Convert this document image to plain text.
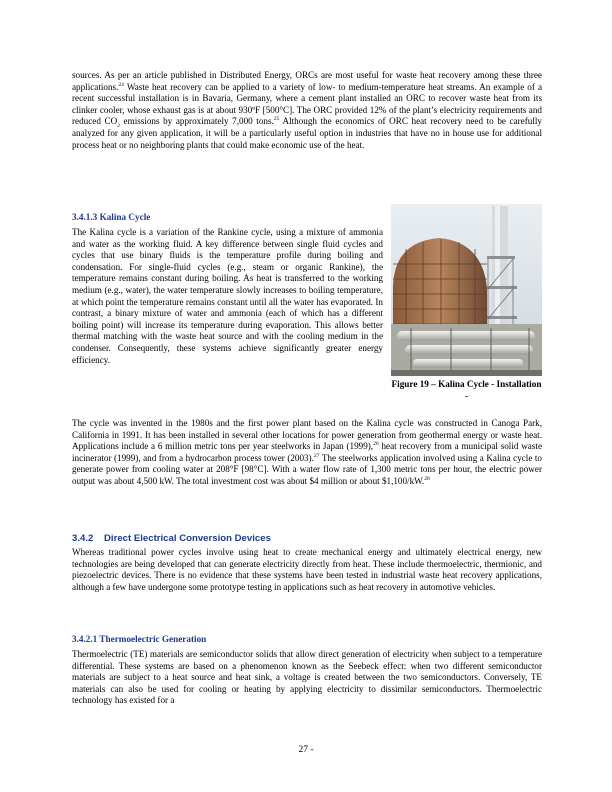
sources. As per an article published in Distributed Energy, ORCs are most useful for waste heat recovery among these three applications.$^{24}$ Waste heat recovery can be applied to a variety of low- to medium-temperature heat streams. An example of a recent successful installation is in Bavaria, Germany, where a cement plant installed an ORC to recover waste heat from its clinker cooler, whose exhaust gas is at about 930ºF [500°C]. The ORC provided 12% of the plant’s electricity requirements and reduced $CO_2$ emissions by approximately 7,000 tons.$^{25}$ Although the economics of ORC heat recovery need to be carefully analyzed for any given application, it will be a particularly useful option in industries that have no in house use for additional process heat or no neighboring plants that could make economic use of the heat.
3.4.1.3 Kalina Cycle
The Kalina cycle is a variation of the Rankine cycle, using a mixture of ammonia and water as the working fluid. A key difference between single fluid cycles and cycles that use binary fluids is the temperature profile during boiling and condensation. For single-fluid cycles (e.g., steam or organic Rankine), the temperature remains constant during boiling. As heat is transferred to the working medium (e.g., water), the water temperature slowly increases to boiling temperature, at which point the temperature remains constant until all the water has evaporated. In contrast, a binary mixture of water and ammonia (each of which has a different boiling point) will increase its temperature during evaporation. This allows better thermal matching with the waste heat source and with the cooling medium in the condenser. Consequently, these systems achieve significantly greater energy efficiency.
Figure 19 – Kalina Cycle - Installation -
The cycle was invented in the 1980s and the first power plant based on the Kalina cycle was constructed in Canoga Park, California in 1991. It has been installed in several other locations for power generation from geothermal energy or waste heat. Applications include a 6 million metric tons per year steelworks in Japan (1999),$^{26}$ heat recovery from a municipal solid waste incinerator (1999), and from a hydrocarbon process tower (2003).$^{27}$ The steelworks application involved using a Kalina cycle to generate power from cooling water at 208°F [98°C]. With a water flow rate of 1,300 metric tons per hour, the electric power output was about 4,500 kW. The total investment cost was about $4 million or about $1,100/kW.$^{28}$
3.4.2    Direct Electrical Conversion Devices
Whereas traditional power cycles involve using heat to create mechanical energy and ultimately electrical energy, new technologies are being developed that can generate electricity directly from heat. These include thermoelectric, thermionic, and piezoelectric devices. There is no evidence that these systems have been tested in industrial waste heat recovery applications, although a few have undergone some prototype testing in applications such as heat recovery in automotive vehicles.
3.4.2.1 Thermoelectric Generation
Thermoelectric (TE) materials are semiconductor solids that allow direct generation of electricity when subject to a temperature differential. These systems are based on a phenomenon known as the Seebeck effect: when two different semiconductor materials are subject to a heat source and heat sink, a voltage is created between the two semiconductors. Conversely, TE materials can also be used for cooling or heating by applying electricity to dissimilar semiconductors. Thermoelectric technology has existed for a
27 -
